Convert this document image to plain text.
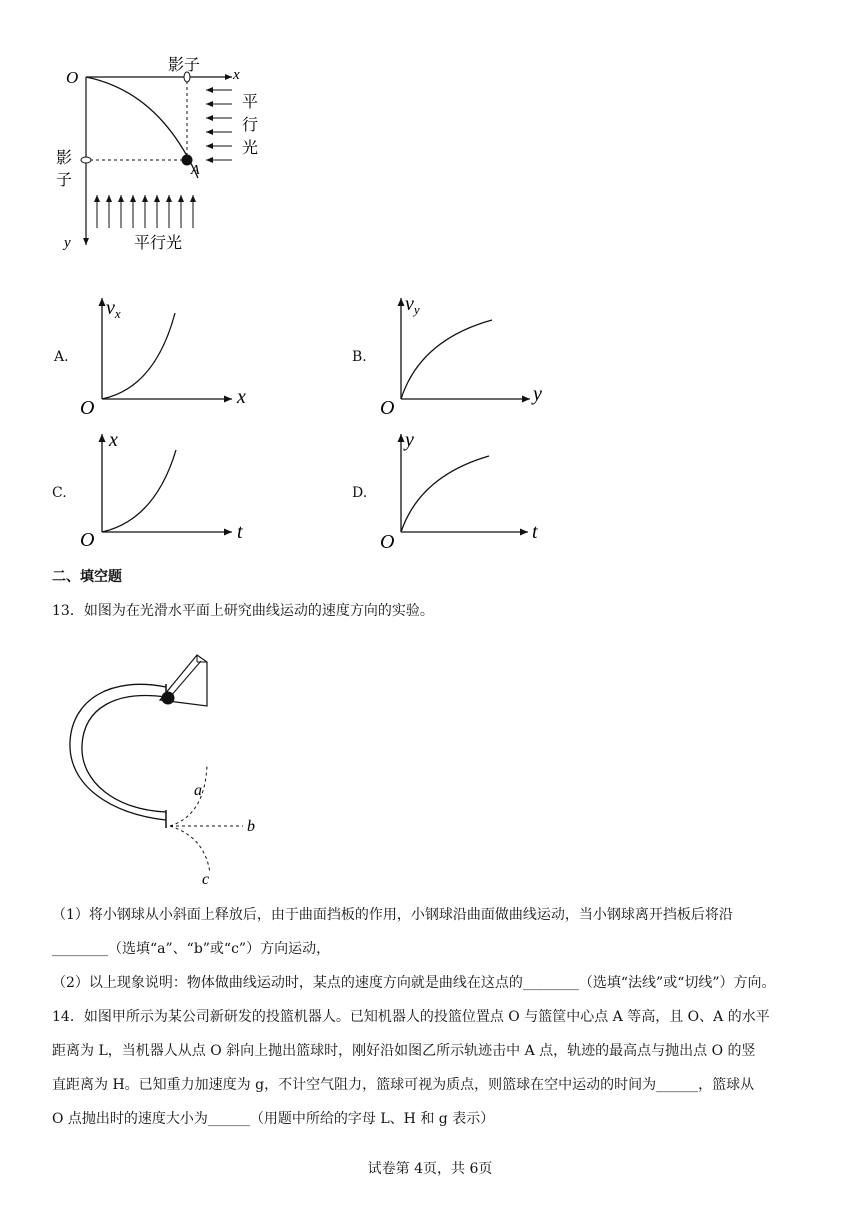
O	x
y
A
影子
影
子
平
行
光
平行光
A.	B.
C.	D.
$v_x$
x
O
$v_y$
y
O
x
t
O
y
t
O
二、填空题
13．如图为在光滑水平面上研究曲线运动的速度方向的实验。
a
b
c
（1）将小钢球从小斜面上释放后，由于曲面挡板的作用，小钢球沿曲面做曲线运动，当小钢球离开挡板后将沿
________（选填“a”、“b”或“c”）方向运动，
（2）以上现象说明：物体做曲线运动时，某点的速度方向就是曲线在这点的________（选填“法线”或“切线”）方向。
14．如图甲所示为某公司新研发的投篮机器人。已知机器人的投篮位置点 O 与篮筐中心点 A 等高，且 O、A 的水平
距离为 L，当机器人从点 O 斜向上抛出篮球时，刚好沿如图乙所示轨迹击中 A 点，轨迹的最高点与抛出点 O 的竖
直距离为 H。已知重力加速度为 g，不计空气阻力，篮球可视为质点，则篮球在空中运动的时间为______，篮球从
O 点抛出时的速度大小为______（用题中所给的字母 L、H 和 g 表示）
试卷第 4页，共 6页
